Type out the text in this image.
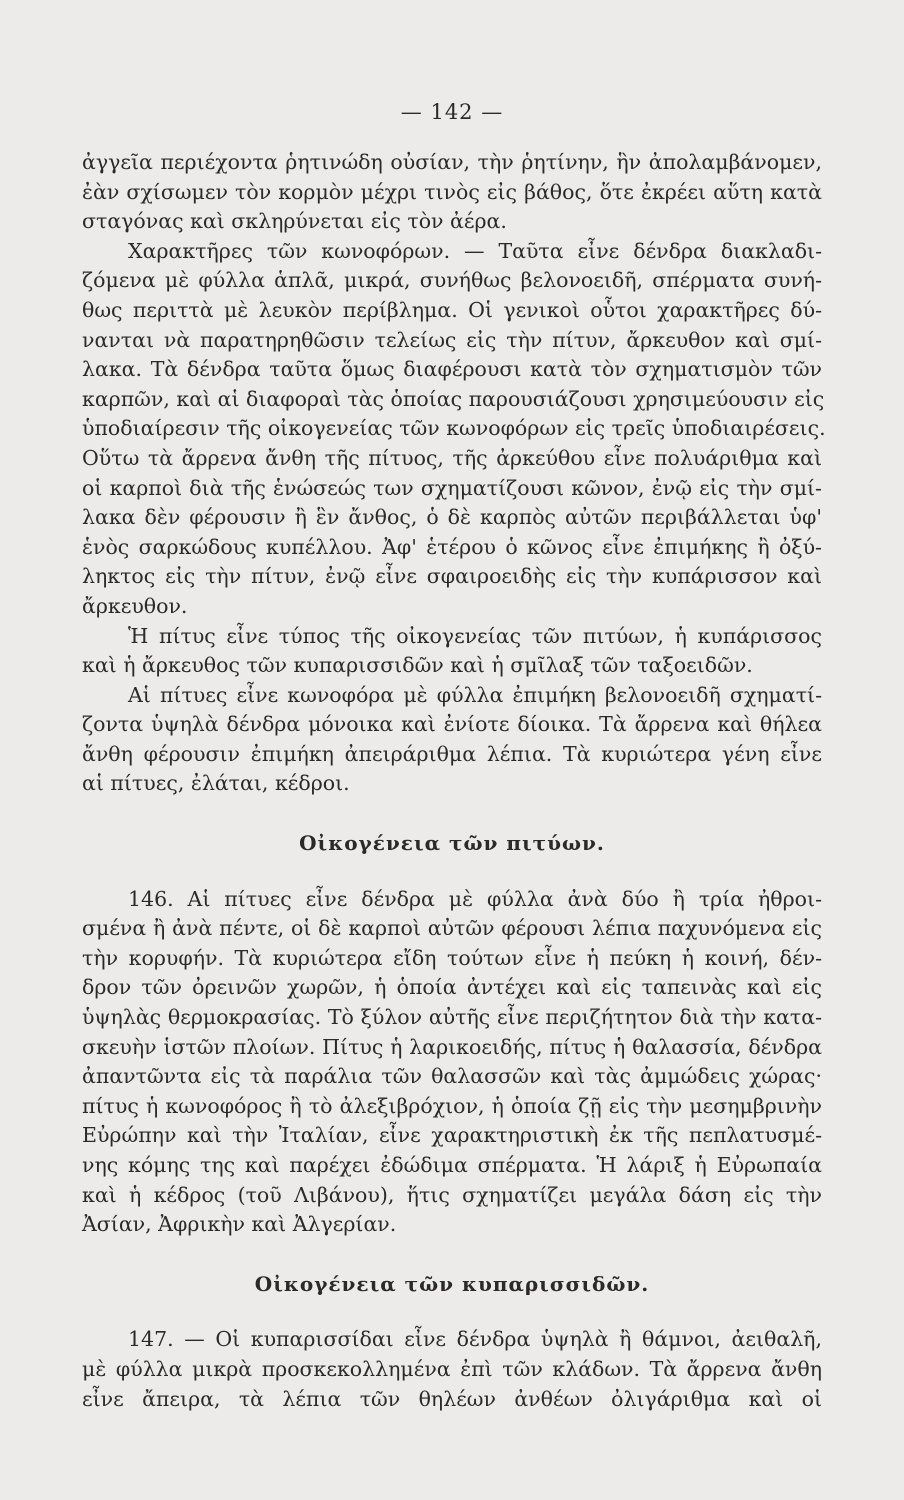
— 142 —
ἀγγεῖα περιέχοντα ῥητινώδη οὐσίαν, τὴν ῥητίνην, ἣν ἀπολαμβάνομεν,
ἐὰν σχίσωμεν τὸν κορμὸν μέχρι τινὸς εἰς βάθος, ὅτε ἐκρέει αὕτη κατὰ
σταγόνας καὶ σκληρύνεται εἰς τὸν ἀέρα.
Χαρακτῆρες τῶν κωνοφόρων. — Ταῦτα εἶνε δένδρα διακλαδι-
ζόμενα μὲ φύλλα ἁπλᾶ, μικρά, συνήθως βελονοειδῆ, σπέρματα συνή-
θως περιττὰ μὲ λευκὸν περίβλημα. Οἱ γενικοὶ οὗτοι χαρακτῆρες δύ-
νανται νὰ παρατηρηθῶσιν τελείως εἰς τὴν πίτυν, ἄρκευθον καὶ σμί-
λακα. Τὰ δένδρα ταῦτα ὅμως διαφέρουσι κατὰ τὸν σχηματισμὸν τῶν
καρπῶν, καὶ αἱ διαφοραὶ τὰς ὁποίας παρουσιάζουσι χρησιμεύουσιν εἰς
ὑποδιαίρεσιν τῆς οἰκογενείας τῶν κωνοφόρων εἰς τρεῖς ὑποδιαιρέσεις.
Οὕτω τὰ ἄρρενα ἄνθη τῆς πίτυος, τῆς ἀρκεύθου εἶνε πολυάριθμα καὶ
οἱ καρποὶ διὰ τῆς ἑνώσεώς των σχηματίζουσι κῶνον, ἐνῷ εἰς τὴν σμί-
λακα δὲν φέρουσιν ἢ ἓν ἄνθος, ὁ δὲ καρπὸς αὐτῶν περιβάλλεται ὑφ'
ἑνὸς σαρκώδους κυπέλλου. Ἀφ' ἑτέρου ὁ κῶνος εἶνε ἐπιμήκης ἢ ὀξύ-
ληκτος εἰς τὴν πίτυν, ἐνῷ εἶνε σφαιροειδὴς εἰς τὴν κυπάρισσον καὶ
ἄρκευθον.
Ἡ πίτυς εἶνε τύπος τῆς οἰκογενείας τῶν πιτύων, ἡ κυπάρισσος
καὶ ἡ ἄρκευθος τῶν κυπαρισσιδῶν καὶ ἡ σμῖλαξ τῶν ταξοειδῶν.
Αἱ πίτυες εἶνε κωνοφόρα μὲ φύλλα ἐπιμήκη βελονοειδῆ σχηματί-
ζοντα ὑψηλὰ δένδρα μόνοικα καὶ ἐνίοτε δίοικα. Τὰ ἄρρενα καὶ θήλεα
ἄνθη φέρουσιν ἐπιμήκη ἀπειράριθμα λέπια. Τὰ κυριώτερα γένη εἶνε
αἱ πίτυες, ἐλάται, κέδροι.
Οἰκογένεια τῶν πιτύων.
146. Αἱ πίτυες εἶνε δένδρα μὲ φύλλα ἀνὰ δύο ἢ τρία ἠθροι-
σμένα ἢ ἀνὰ πέντε, οἱ δὲ καρποὶ αὐτῶν φέρουσι λέπια παχυνόμενα εἰς
τὴν κορυφήν. Τὰ κυριώτερα εἴδη τούτων εἶνε ἡ πεύκη ἡ κοινή, δέν-
δρον τῶν ὀρεινῶν χωρῶν, ἡ ὁποία ἀντέχει καὶ εἰς ταπεινὰς καὶ εἰς
ὑψηλὰς θερμοκρασίας. Τὸ ξύλον αὐτῆς εἶνε περιζήτητον διὰ τὴν κατα-
σκευὴν ἱστῶν πλοίων. Πίτυς ἡ λαρικοειδής, πίτυς ἡ θαλασσία, δένδρα
ἀπαντῶντα εἰς τὰ παράλια τῶν θαλασσῶν καὶ τὰς ἀμμώδεις χώρας·
πίτυς ἡ κωνοφόρος ἢ τὸ ἀλεξιβρόχιον, ἡ ὁποία ζῇ εἰς τὴν μεσημβρινὴν
Εὐρώπην καὶ τὴν Ἰταλίαν, εἶνε χαρακτηριστικὴ ἐκ τῆς πεπλατυσμέ-
νης κόμης της καὶ παρέχει ἐδώδιμα σπέρματα. Ἡ λάριξ ἡ Εὐρωπαία
καὶ ἡ κέδρος (τοῦ Λιβάνου), ἥτις σχηματίζει μεγάλα δάση εἰς τὴν
Ἀσίαν, Ἀφρικὴν καὶ Ἀλγερίαν.
Οἰκογένεια τῶν κυπαρισσιδῶν.
147. — Οἱ κυπαρισσίδαι εἶνε δένδρα ὑψηλὰ ἢ θάμνοι, ἀειθαλῆ,
μὲ φύλλα μικρὰ προσκεκολλημένα ἐπὶ τῶν κλάδων. Τὰ ἄρρενα ἄνθη
εἶνε ἄπειρα, τὰ λέπια τῶν θηλέων ἀνθέων ὀλιγάριθμα καὶ οἱ
